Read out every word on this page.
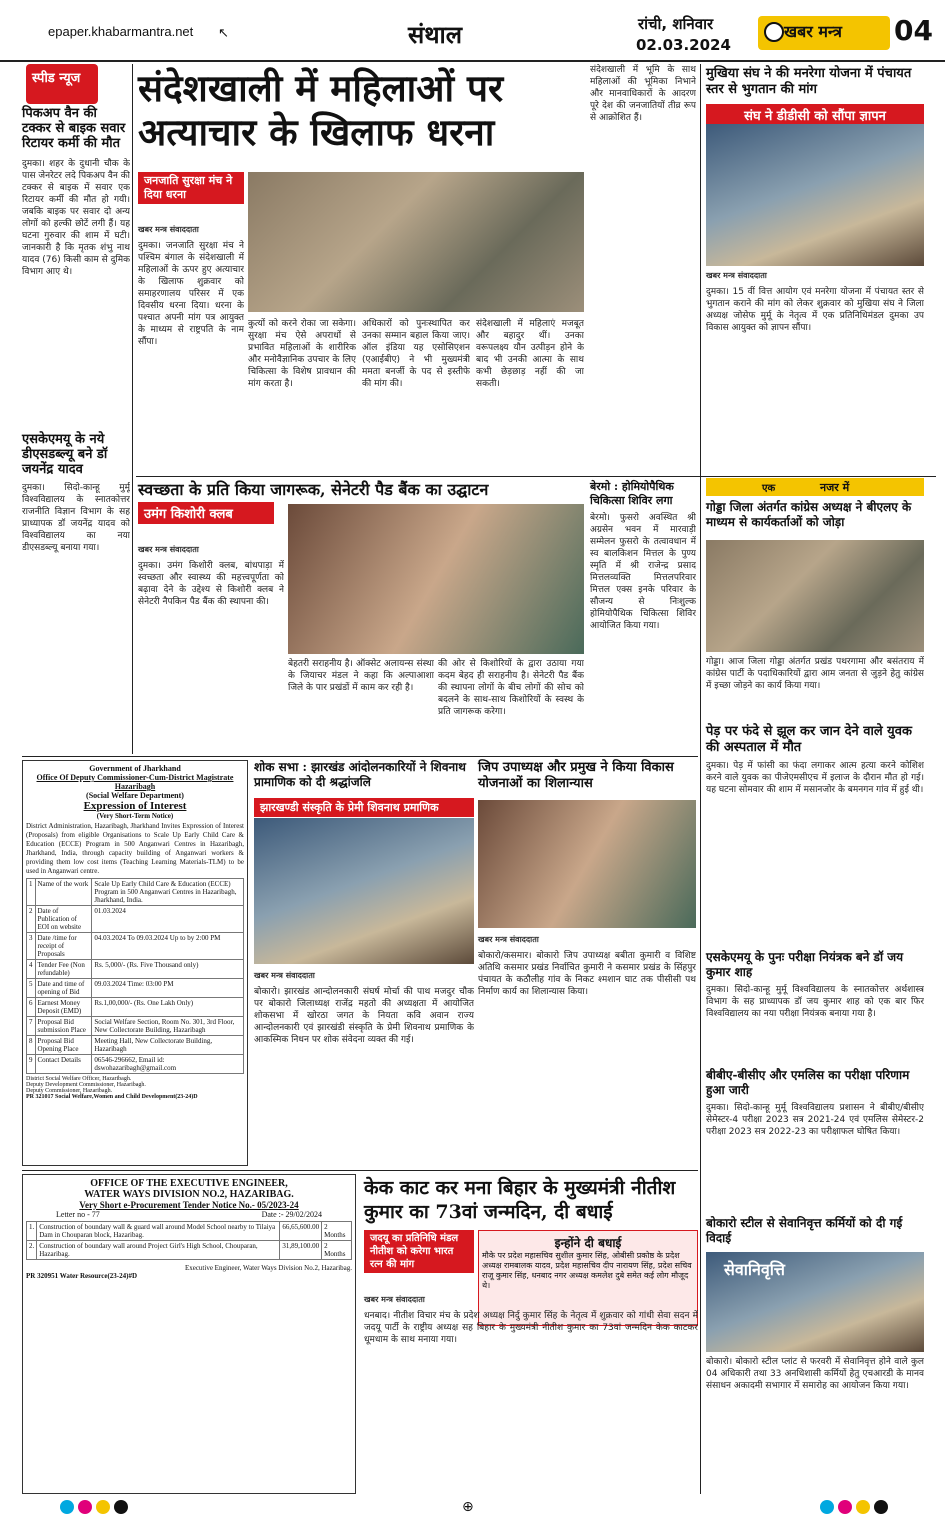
epaper.khabarmantra.net ↖	संथाल	रांची, शनिवार
02.03.2024
खबर मन्त्र 04
स्पीड न्यूज
पिकअप वैन की टक्कर से बाइक सवार रिटायर कर्मी की मौत
दुमका। शहर के दुधानी चौक के पास जेनरेटर लदे पिकअप वैन की टक्कर से बाइक में सवार एक रिटायर कर्मी की मौत हो गयी। जबकि बाइक पर सवार दो अन्य लोगों को हल्की छोटें लगी हैं। यह घटना गुरुवार की शाम में घटी। जानकारी है कि मृतक शंभु नाथ यादव (76) किसी काम से दुमिक विभाग आए थे।
एसकेएमयू के नये डीएसडब्ल्यू बने डॉ जयनेंद्र यादव
दुमका। सिदो-कान्हू मुर्मू विश्वविद्यालय के स्नातकोत्तर राजनीति विज्ञान विभाग के सह प्राध्यापक डॉ जयनेंद्र यादव को विश्वविद्यालय का नया डीएसडब्ल्यू बनाया गया।
संदेशखाली में महिलाओं पर अत्याचार के खिलाफ धरना
जनजाति सुरक्षा मंच ने दिया धरना
खबर मन्त्र संवाददाता
दुमका। जनजाति सुरक्षा मंच ने पश्चिम बंगाल के संदेशखाली में महिलाओं के ऊपर हुए अत्याचार के खिलाफ शुक्रवार को समाहरणालय परिसर में एक दिवसीय धरना दिया। धरना के पश्चात अपनी मांग पत्र आयुक्त के माध्यम से राष्ट्रपति के नाम सौंपा।
कुत्यों को करने रोका जा सकेगा। सुरक्षा मंच ऐसे अपराधों से प्रभावित महिलाओं के शारीरिक और मनोवैज्ञानिक उपचार के लिए चिकित्सा के विशेष प्रावधान की मांग करता है।
अधिकारों को पुनःस्थापित कर उनका सम्मान बहाल किया जाए। ऑल इंडिया यह एसोसिएशन (एआईबीए) ने भी मुख्यमंत्री ममता बनर्जी के पद से इस्तीफे की मांग की।
संदेशखाली में महिलाएं मजबूत और बहादुर थीं। उनका वरूपलक्ष्य यौन उत्पीड़न होने के बाद भी उनकी आत्मा के साथ कभी छेड़छाड़ नहीं की जा सकती।
संदेशखाली में भूमि के साथ महिलाओं की भूमिका निभाने और मानवाधिकारों के आदरण पूरे देश की जनजातियों तीव्र रूप से आक्रोशित हैं।
मुखिया संघ ने की मनरेगा योजना में पंचायत स्तर से भुगतान की मांग
संघ ने डीडीसी को सौंपा ज्ञापन
खबर मन्त्र संवाददाता
दुमका। 15 वीं वित्त आयोग एवं मनरेगा योजना में पंचायत स्तर से भुगतान कराने की मांग को लेकर शुक्रवार को मुखिया संघ ने जिला अध्यक्ष जोसेफ मुर्मू के नेतृत्व में एक प्रतिनिधिमंडल दुमका उप विकास आयुक्त को ज्ञापन सौंपा।
स्वच्छता के प्रति किया जागरूक, सेनेटरी पैड बैंक का उद्घाटन
उमंग किशोरी क्लब
खबर मन्त्र संवाददाता
दुमका। उमंग किशोरी क्लब, बांधपाड़ा में स्वच्छता और स्वास्थ्य की महत्त्वपूर्णता को बढ़ावा देने के उद्देश्य से किशोरी क्लब ने सेनेटरी नैपकिन पैड बैंक की स्थापना की।
बेहतरी सराहनीय है। ऑक्सेट अलायन्स संस्था के जियाचर मंडल ने कहा कि अल्पाआशा जिले के पार प्रखंडों में काम कर रही है।
की ओर से किशोरियों के द्वारा उठाया गया कदम बेहद ही सराहनीय है। सेनेटरी पैड बैंक की स्थापना लोगों के बीच लोगों की सोच को बदलने के साथ-साथ किशोरियों के स्वस्थ के प्रति जागरूक करेगा।
बेरमो : होमियोपैथिक चिकित्सा शिविर लगा
बेरमो। फुसरो अवस्थित श्री अग्रसेन भवन में मारवाड़ी सम्मेलन फुसरो के तत्वावधान में स्व बालकिशन मित्तल के पुण्य स्मृति में श्री राजेन्द्र प्रसाद मित्तलव्यक्ति मित्तलपरिवार मित्तल एक्स इनके परिवार के सौजन्य से निःशुल्क होमियोपैथिक चिकित्सा शिविर आयोजित किया गया।
एक	नजर में
गोड्डा जिला अंतर्गत कांग्रेस अध्यक्ष ने बीएलए के माध्यम से कार्यकर्ताओं को जोड़ा
गोड्डा। आज जिला गोड्डा अंतर्गत प्रखंड पथरगामा और बसंतराय में कांग्रेस पार्टी के पदाधिकारियों द्वारा आम जनता से जुड़ने हेतु कांग्रेस में इच्छा जोड़ने का कार्य किया गया।
पेड़ पर फंदे से झूल कर जान देने वाले युवक की अस्पताल में मौत
दुमका। पेड़ में फांसी का फंदा लगाकर आत्म हत्या करने कोशिश करने वाले युवक का पीजेएमसीएच में इलाज के दौरान मौत हो गई। यह घटना सोमवार की शाम में मसानजोर के बमनगन गांव में हुई थी।
Government of Jharkhand
Office Of Deputy Commissioner-Cum-District Magistrate Hazaribagh
(Social Welfare Department)
Expression of Interest
(Very Short-Term Notice)
District Administration, Hazaribagh, Jharkhand Invites Expression of Interest (Proposals) from eligible Organisations to Scale Up Early Child Care & Education (ECCE) Program in 500 Anganwari Centres in Hazaribagh, Jharkhand, India, through capacity building of Anganwari workers & providing them low cost items (Teaching Learning Materials-TLM) to be used in Anganwari centre.
1	Name of the work	Scale Up Early Child Care & Education (ECCE) Program in 500 Anganwari Centres in Hazaribagh, Jharkhand, India.
2	Date of Publication of EOI on website	01.03.2024
3	Date /time for receipt of Proposals	04.03.2024 To 09.03.2024 Up to by 2:00 PM
4	Tender Fee (Non refundable)	Rs. 5,000/- (Rs. Five Thousand only)
5	Date and time of opening of Bid	09.03.2024 Time: 03:00 PM
6	Earnest Money Deposit (EMD)	Rs.1,00,000/- (Rs. One Lakh Only)
7	Proposal Bid submission Place	Social Welfare Section, Room No. 301, 3rd Floor, New Collectorate Building, Hazaribagh
8	Proposal Bid Opening Place	Meeting Hall, New Collectorate Building, Hazaribagh
9	Contact Details	06546-296662, Email id: dswohazaribagh@gmail.com
District Social Welfare Officer, Hazaribagh.
Deputy Development Commissioner, Hazaribagh.
Deputy Commissioner, Hazaribagh.
PR 321017 Social Welfare,Women and Child Development(23-24)D
शोक सभा : झारखंड आंदोलनकारियों ने शिवनाथ प्रामाणिक को दी श्रद्धांजलि
झारखण्डी संस्कृति के प्रेमी शिवनाथ प्रमाणिक
खबर मन्त्र संवाददाता
बोकारो। झारखंड आन्दोलनकारी संघर्ष मोर्चा की पाथ मजदुर चौक पर बोकारो जिलाध्यक्ष राजेंद्र महतो की अध्यक्षता में आयोजित शोकसभा में खोरठा जगत के नियता कवि अवान राज्य आन्दोलनकारी एवं झारखंडी संस्कृति के प्रेमी शिवनाथ प्रमाणिक के आकस्मिक निधन पर शोक संवेदना व्यक्त की गई।
जिप उपाध्यक्ष और प्रमुख ने किया विकास योजनाओं का शिलान्यास
खबर मन्त्र संवाददाता
बोकारो/कसमार। बोकारो जिप उपाध्यक्ष बबीता कुमारी व विशिष्ट अतिथि कसमार प्रखंड निर्वाचित कुमारी ने कसमार प्रखंड के सिंहपुर पंचायत के कठौलीह गांव के निकट श्मशान घाट तक पीसीसी पथ निर्माण कार्य का शिलान्यास किया।
एसकेएमयू के पुनः परीक्षा नियंत्रक बने डॉ जय कुमार शाह
दुमका। सिदो-कान्हू मुर्मू विश्वविद्यालय के स्नातकोत्तर अर्थशास्त्र विभाग के सह प्राध्यापक डॉ जय कुमार शाह को एक बार फिर विश्वविद्यालय का नया परीक्षा नियंत्रक बनाया गया है।
बीबीए-बीसीए और एमलिस का परीक्षा परिणाम हुआ जारी
दुमका। सिदो-कान्हू मुर्मू विश्वविद्यालय प्रशासन ने बीबीए/बीसीए सेमेस्टर-4 परीक्षा 2023 सत्र 2021-24 एवं एमलिस सेमेस्टर-2 परीक्षा 2023 सत्र 2022-23 का परीक्षाफल घोषित किया।
बोकारो स्टील से सेवानिवृत्त कर्मियों को दी गई विदाई
सेवानिवृत्ति
बोकारो। बोकारो स्टील प्लांट से फरवरी में सेवानिवृत्त होने वाले कुल 04 अधिकारी तथा 33 अनधिशासी कर्मियों हेतु एचआरडी के मानव संसाधन अकादमी सभागार में समारोह का आयोजन किया गया।
OFFICE OF THE EXECUTIVE ENGINEER,
WATER WAYS DIVISION NO.2, HAZARIBAG.
Very Short e-Procurement Tender Notice No.- 05/2023-24
Letter no - 77	Date :- 29/02/2024
1.	Construction of boundary wall & guard wall around Model School nearby to Tilaiya Dam in Chouparan block, Hazaribag.	66,65,600.00	2 Months
2.	Construction of boundary wall around Project Girl's High School, Chouparan, Hazaribag.	31,89,100.00	2 Months
Executive Engineer, Water Ways Division No.2, Hazaribag.
PR 320951 Water Resource(23-24)#D
केक काट कर मना बिहार के मुख्यमंत्री नीतीश कुमार का 73वां जन्मदिन, दी बधाई
जदयू का प्रतिनिधि मंडल नीतीश को करेगा भारत रत्न की मांग
इन्होंने दी बधाई
मौके पर प्रदेश महासचिव सुशील कुमार सिंह, ओबीसी प्रकोष्ठ के प्रदेश अध्यक्ष रामबालक यादव, प्रदेश महासचिव दीप नारायण सिंह, प्रदेश सचिव राजू कुमार सिंह, धनबाद नगर अध्यक्ष कमलेश दुबे समेत कई लोग मौजूद थे।
खबर मन्त्र संवाददाता
धनबाद। नीतीश विचार मंच के प्रदेश अध्यक्ष निर्दु कुमार सिंह के नेतृत्व में शुक्रवार को गांधी सेवा सदन में जदयू पार्टी के राष्ट्रीय अध्यक्ष सह बिहार के मुख्यमंत्री नीतीश कुमार का 73वां जन्मदिन केक काटकर धूमधाम के साथ मनाया गया।
⊕
